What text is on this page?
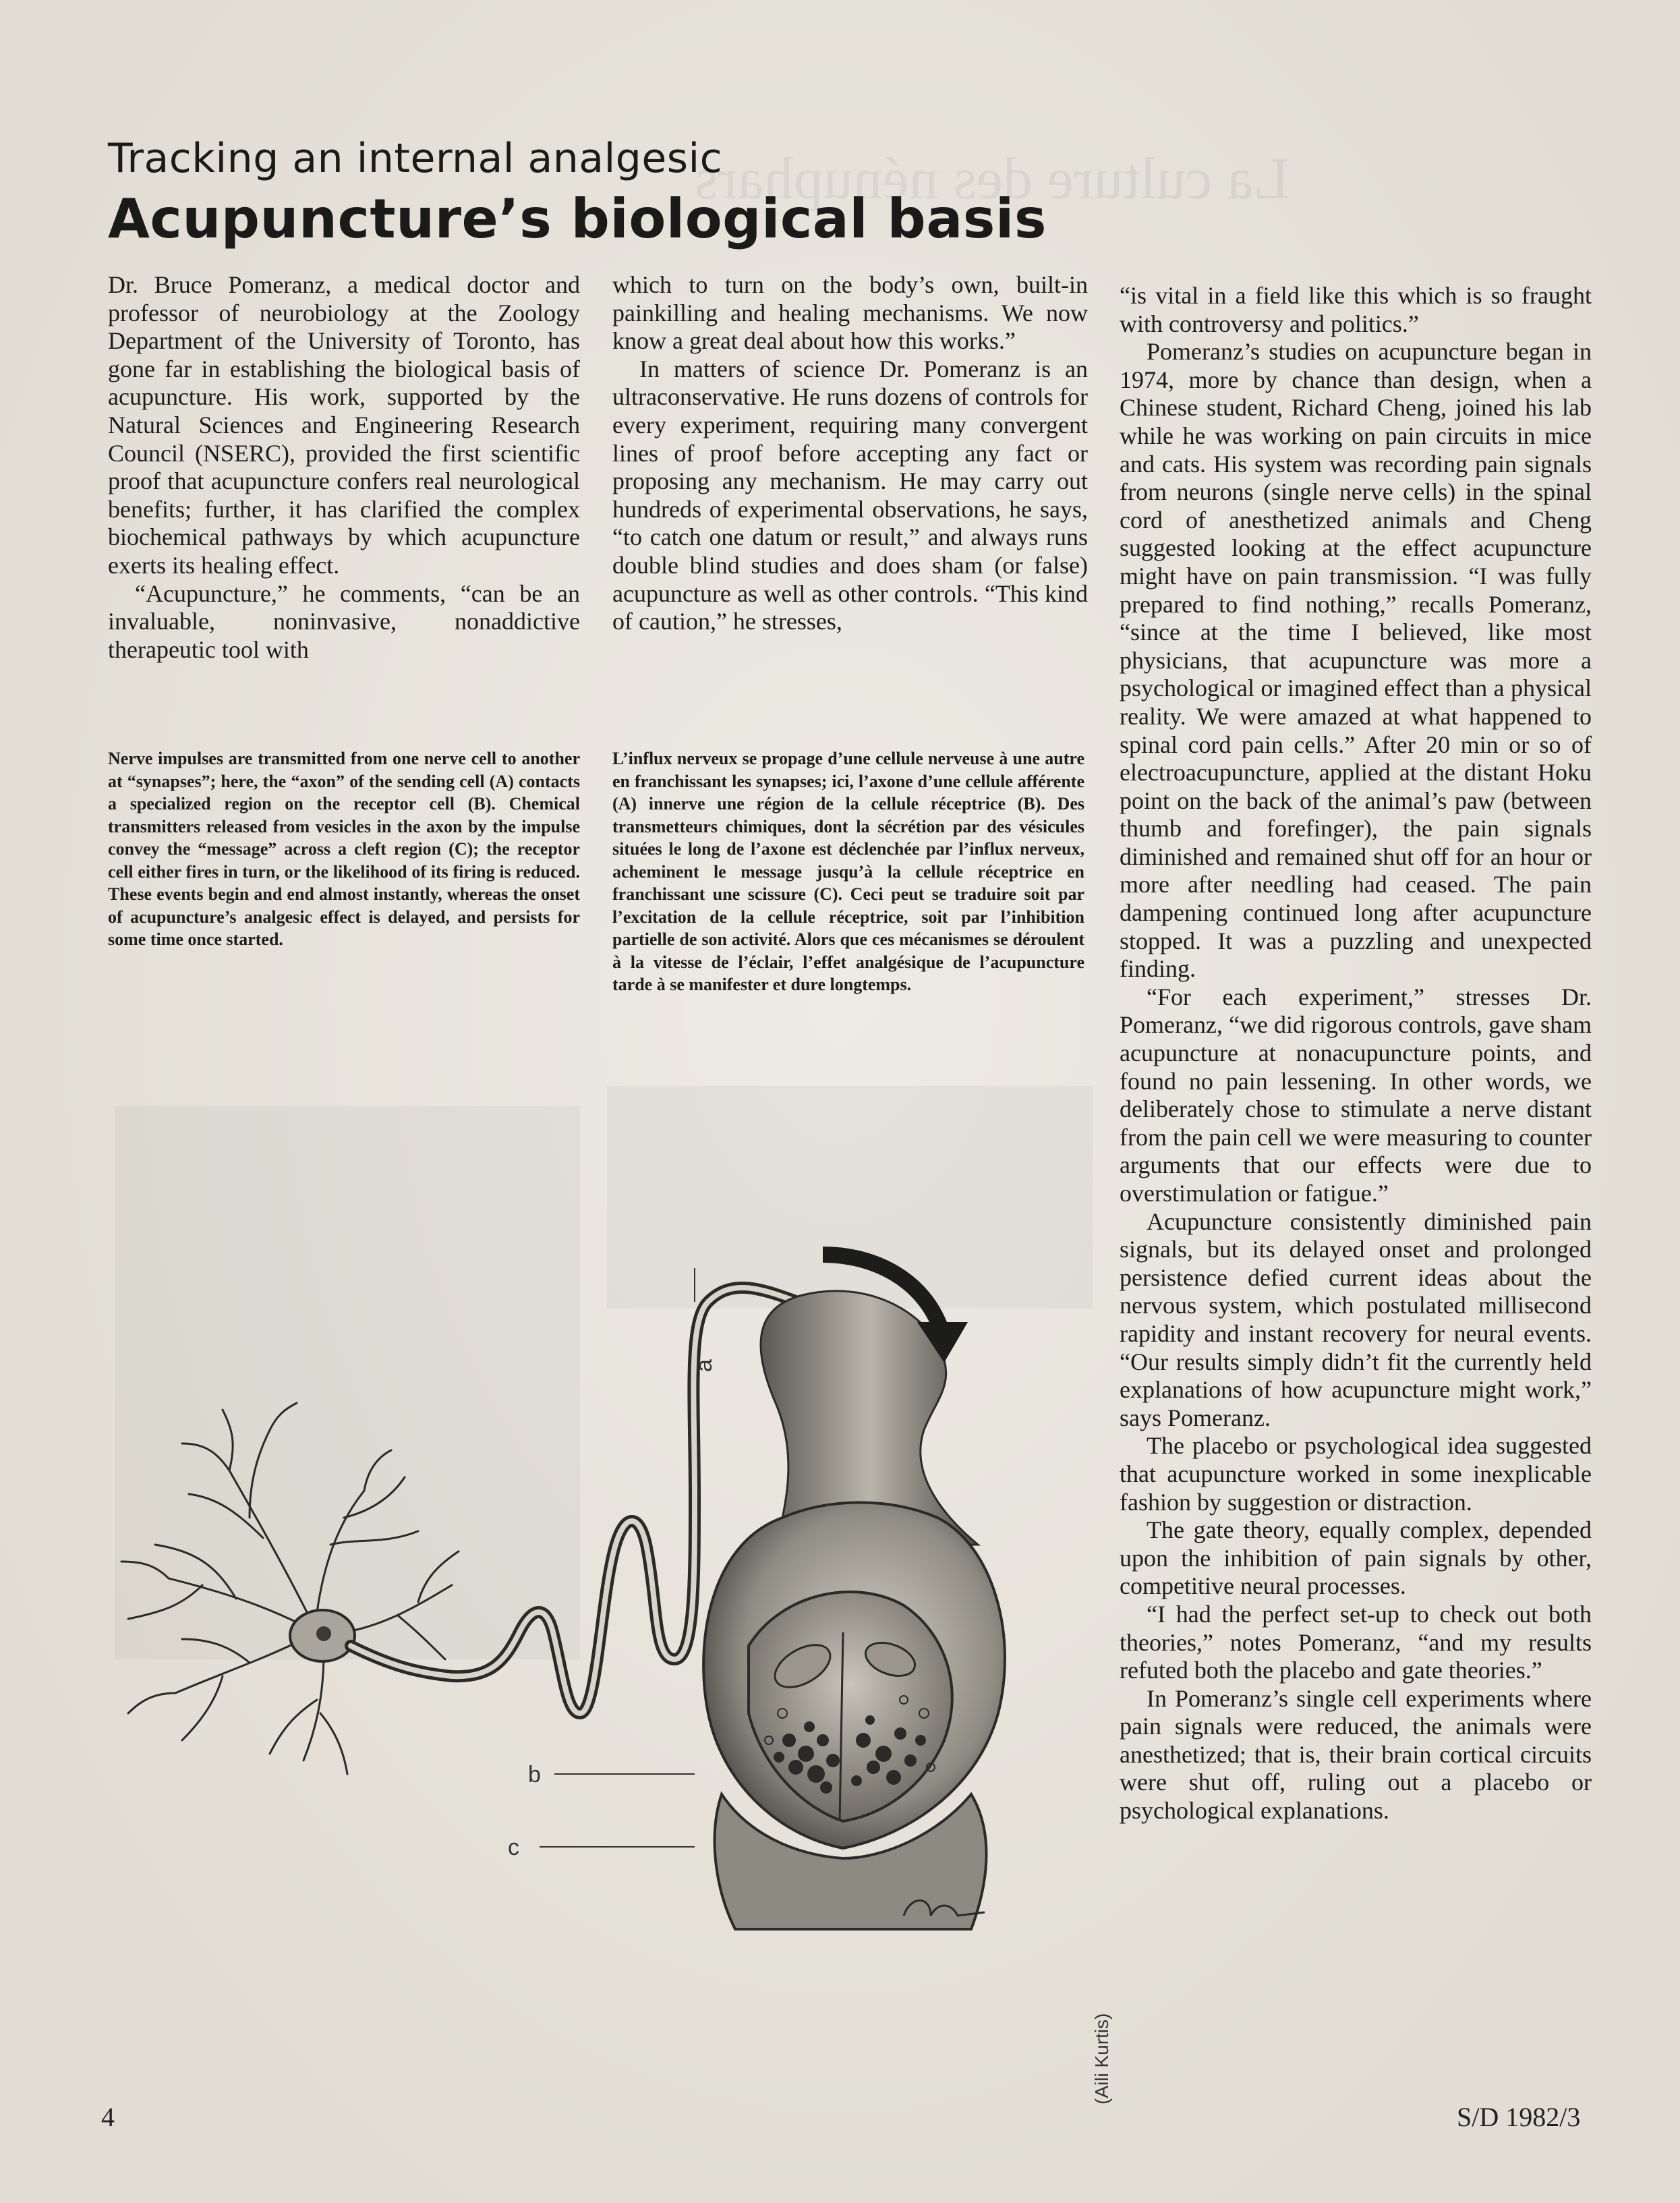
La culture des nénuphars
Tracking an internal analgesic
Acupuncture’s biological basis

Dr. Bruce Pomeranz, a medical doctor and professor of neurobiology at the Zoology Department of the University of Toronto, has gone far in establishing the biological basis of acupuncture. His work, supported by the Natural Sciences and Engineering Research Council (NSERC), provided the first scientific proof that acupuncture confers real neurological benefits; further, it has clarified the complex biochemical pathways by which acupuncture exerts its healing effect.

“Acupuncture,” he comments, “can be an invaluable, noninvasive, nonaddictive therapeutic tool with

which to turn on the body’s own, built-in painkilling and healing mechanisms. We now know a great deal about how this works.”

In matters of science Dr. Pomeranz is an ultraconservative. He runs dozens of controls for every experiment, requiring many convergent lines of proof before accepting any fact or proposing any mechanism. He may carry out hundreds of experimental observations, he says, “to catch one datum or result,” and always runs double blind studies and does sham (or false) acupuncture as well as other controls. “This kind of caution,” he stresses,

“is vital in a field like this which is so fraught with controversy and politics.”

Pomeranz’s studies on acupuncture began in 1974, more by chance than design, when a Chinese student, Richard Cheng, joined his lab while he was working on pain circuits in mice and cats. His system was recording pain signals from neurons (single nerve cells) in the spinal cord of anesthetized animals and Cheng suggested looking at the effect acupuncture might have on pain transmission. “I was fully prepared to find nothing,” recalls Pomeranz, “since at the time I believed, like most physicians, that acupuncture was more a psychological or imagined effect than a physical reality. We were amazed at what happened to spinal cord pain cells.” After 20 min or so of electroacupuncture, applied at the distant Hoku point on the back of the animal’s paw (between thumb and forefinger), the pain signals diminished and remained shut off for an hour or more after needling had ceased. The pain dampening continued long after acupuncture stopped. It was a puzzling and unexpected finding.

“For each experiment,” stresses Dr. Pomeranz, “we did rigorous controls, gave sham acupuncture at nonacupuncture points, and found no pain lessening. In other words, we deliberately chose to stimulate a nerve distant from the pain cell we were measuring to counter arguments that our effects were due to overstimulation or fatigue.”

Acupuncture consistently diminished pain signals, but its delayed onset and prolonged persistence defied current ideas about the nervous system, which postulated millisecond rapidity and instant recovery for neural events. “Our results simply didn’t fit the currently held explanations of how acupuncture might work,” says Pomeranz.

The placebo or psychological idea suggested that acupuncture worked in some inexplicable fashion by suggestion or distraction.

The gate theory, equally complex, depended upon the inhibition of pain signals by other, competitive neural processes.

“I had the perfect set-up to check out both theories,” notes Pomeranz, “and my results refuted both the placebo and gate theories.”

In Pomeranz’s single cell experiments where pain signals were reduced, the animals were anesthetized; that is, their brain cortical circuits were shut off, ruling out a placebo or psychological explanations.

Nerve impulses are transmitted from one nerve cell to another at “synapses”; here, the “axon” of the sending cell (A) contacts a specialized region on the receptor cell (B). Chemical transmitters released from vesicles in the axon by the impulse convey the “message” across a cleft region (C); the receptor cell either fires in turn, or the likelihood of its firing is reduced. These events begin and end almost instantly, whereas the onset of acupuncture’s analgesic effect is delayed, and persists for some time once started.
L’influx nerveux se propage d’une cellule nerveuse à une autre en franchissant les synapses; ici, l’axone d’une cellule afférente (A) innerve une région de la cellule réceptrice (B). Des transmetteurs chimiques, dont la sécrétion par des vésicules situées le long de l’axone est déclenchée par l’influx nerveux, acheminent le message jusqu’à la cellule réceptrice en franchissant une scissure (C). Ceci peut se traduire soit par l’excitation de la cellule réceptrice, soit par l’inhibition partielle de son activité. Alors que ces mécanismes se déroulent à la vitesse de l’éclair, l’effet analgésique de l’acupuncture tarde à se manifester et dure longtemps.
a
b
c
(Aili Kurtis)
4	S/D 1982/3
